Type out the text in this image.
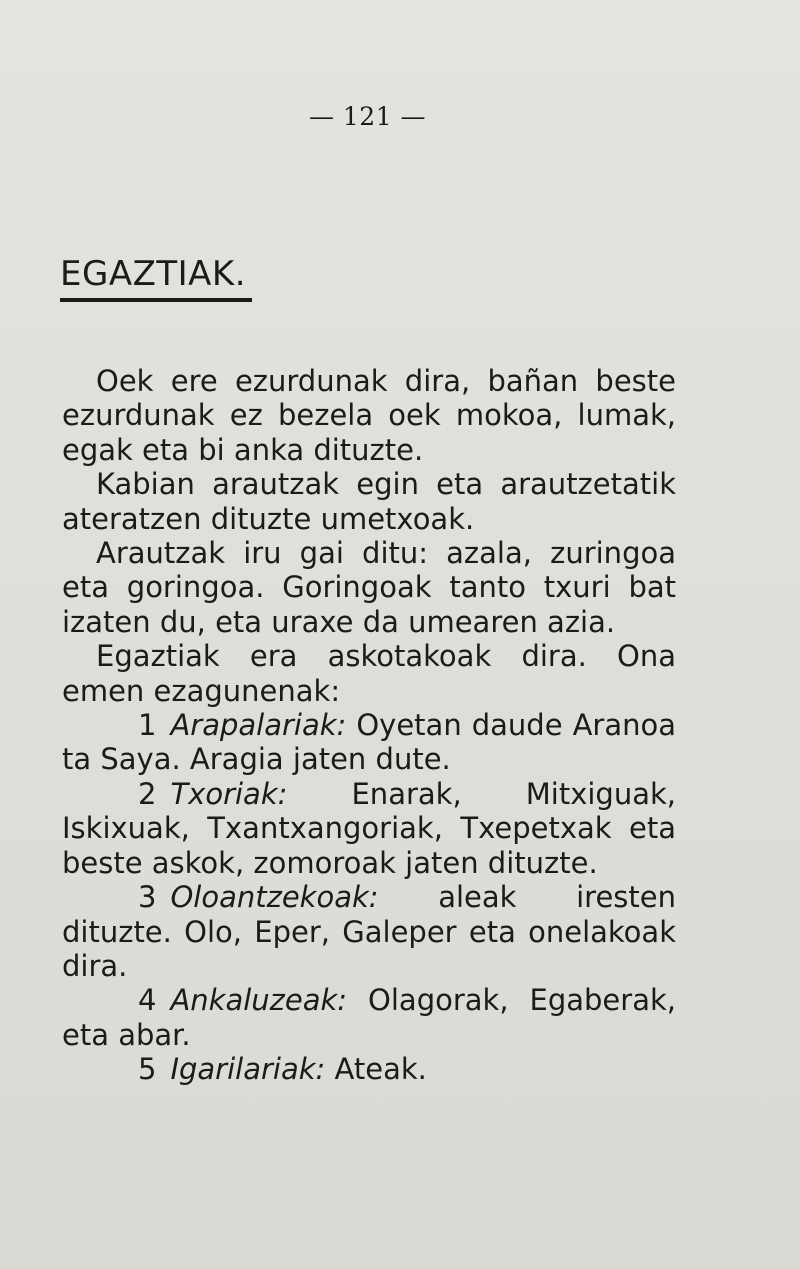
— 121 —
EGAZTIAK.

Oek ere ezurdunak dira, bañan beste ezurdunak ez bezela oek mokoa, lumak, egak eta bi anka dituzte.

Kabian arautzak egin eta arautzetatik ateratzen dituzte umetxoak.

Arautzak iru gai ditu: azala, zuringoa eta goringoa. Goringoak tanto txuri bat izaten du, eta uraxe da umearen azia.

Egaztiak era askotakoak dira. Ona emen ezagunenak:

1 Arapalariak: Oyetan daude Aranoa ta Saya. Aragia jaten dute.

2 Txoriak: Enarak, Mitxiguak, Iskixuak, Txantxangoriak, Txepetxak eta beste askok, zomoroak jaten dituzte.

3 Oloantzekoak: aleak iresten dituzte. Olo, Eper, Galeper eta onelakoak dira.

4 Ankaluzeak: Olagorak, Egaberak, eta abar.

5 Igarilariak: Ateak.
